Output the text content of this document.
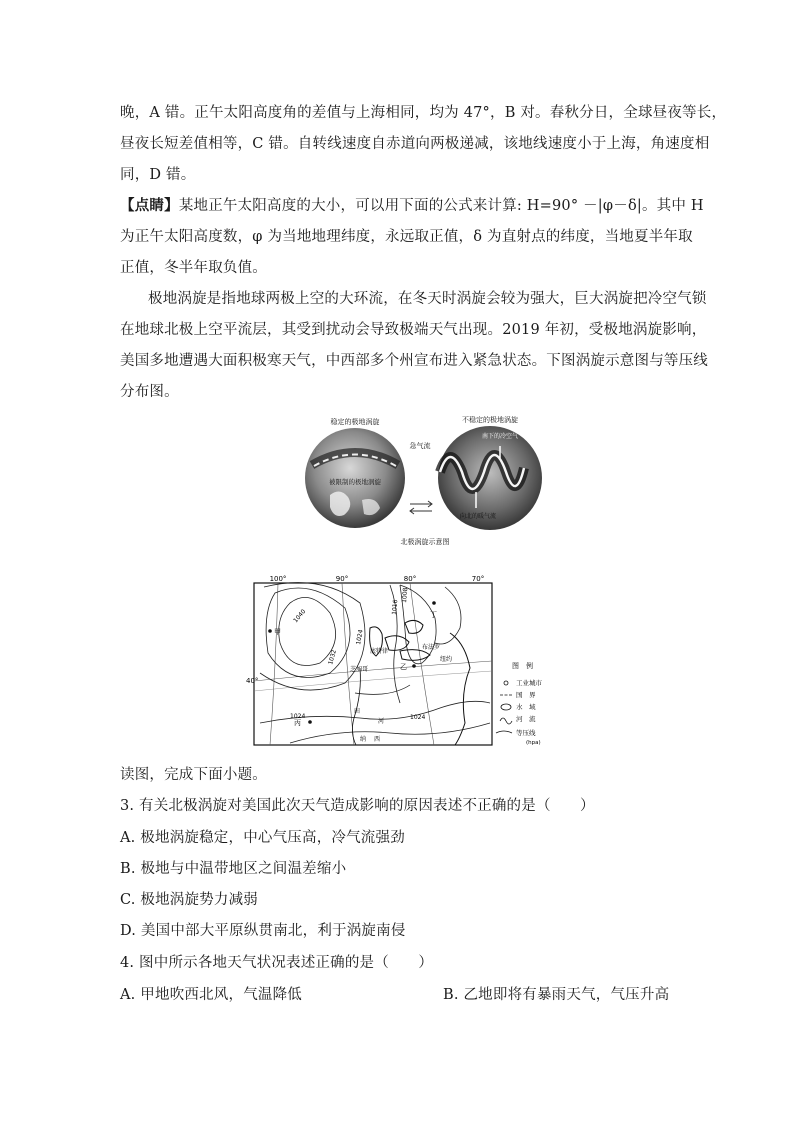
晚，A 错。正午太阳高度角的差值与上海相同，均为 47°，B 对。春秋分日，全球昼夜等长，
昼夜长短差值相等，C 错。自转线速度自赤道向两极递减，该地线速度小于上海，角速度相
同，D 错。
【点睛】某地正午太阳高度的大小，可以用下面的公式来计算: H=90° －|φ－δ|。其中 H
为正午太阳高度数，φ 为当地地理纬度，永远取正值，δ 为直射点的纬度，当地夏半年取
正值，冬半年取负值。
极地涡旋是指地球两极上空的大环流，在冬天时涡旋会较为强大，巨大涡旋把冷空气锁
在地球北极上空平流层，其受到扰动会导致极端天气出现。2019 年初，受极地涡旋影响，
美国多地遭遇大面积极寒天气，中西部多个州宣布进入紧急状态。下图涡旋示意图与等压线
分布图。
稳定的极地涡旋
被限制的极地涡旋
不稳定的极地涡旋
南下的冷空气
向北的暖气流
急气流
北极涡旋示意图
100°	90°	80°	70°
40°
1040
1032
1024
1016
1008
1024	1024
甲
乙
丙
丁
底特律
芝加哥
布法罗
纽约
田
河
纳 西
图　例
工业城市
国　界
水　域
河　流
等压线
(hpa)
读图，完成下面小题。
3. 有关北极涡旋对美国此次天气造成影响的原因表述不正确的是（　　）
A. 极地涡旋稳定，中心气压高，冷气流强劲
B. 极地与中温带地区之间温差缩小
C. 极地涡旋势力减弱
D. 美国中部大平原纵贯南北，利于涡旋南侵
4. 图中所示各地天气状况表述正确的是（　　）
A. 甲地吹西北风，气温降低	B. 乙地即将有暴雨天气，气压升高
